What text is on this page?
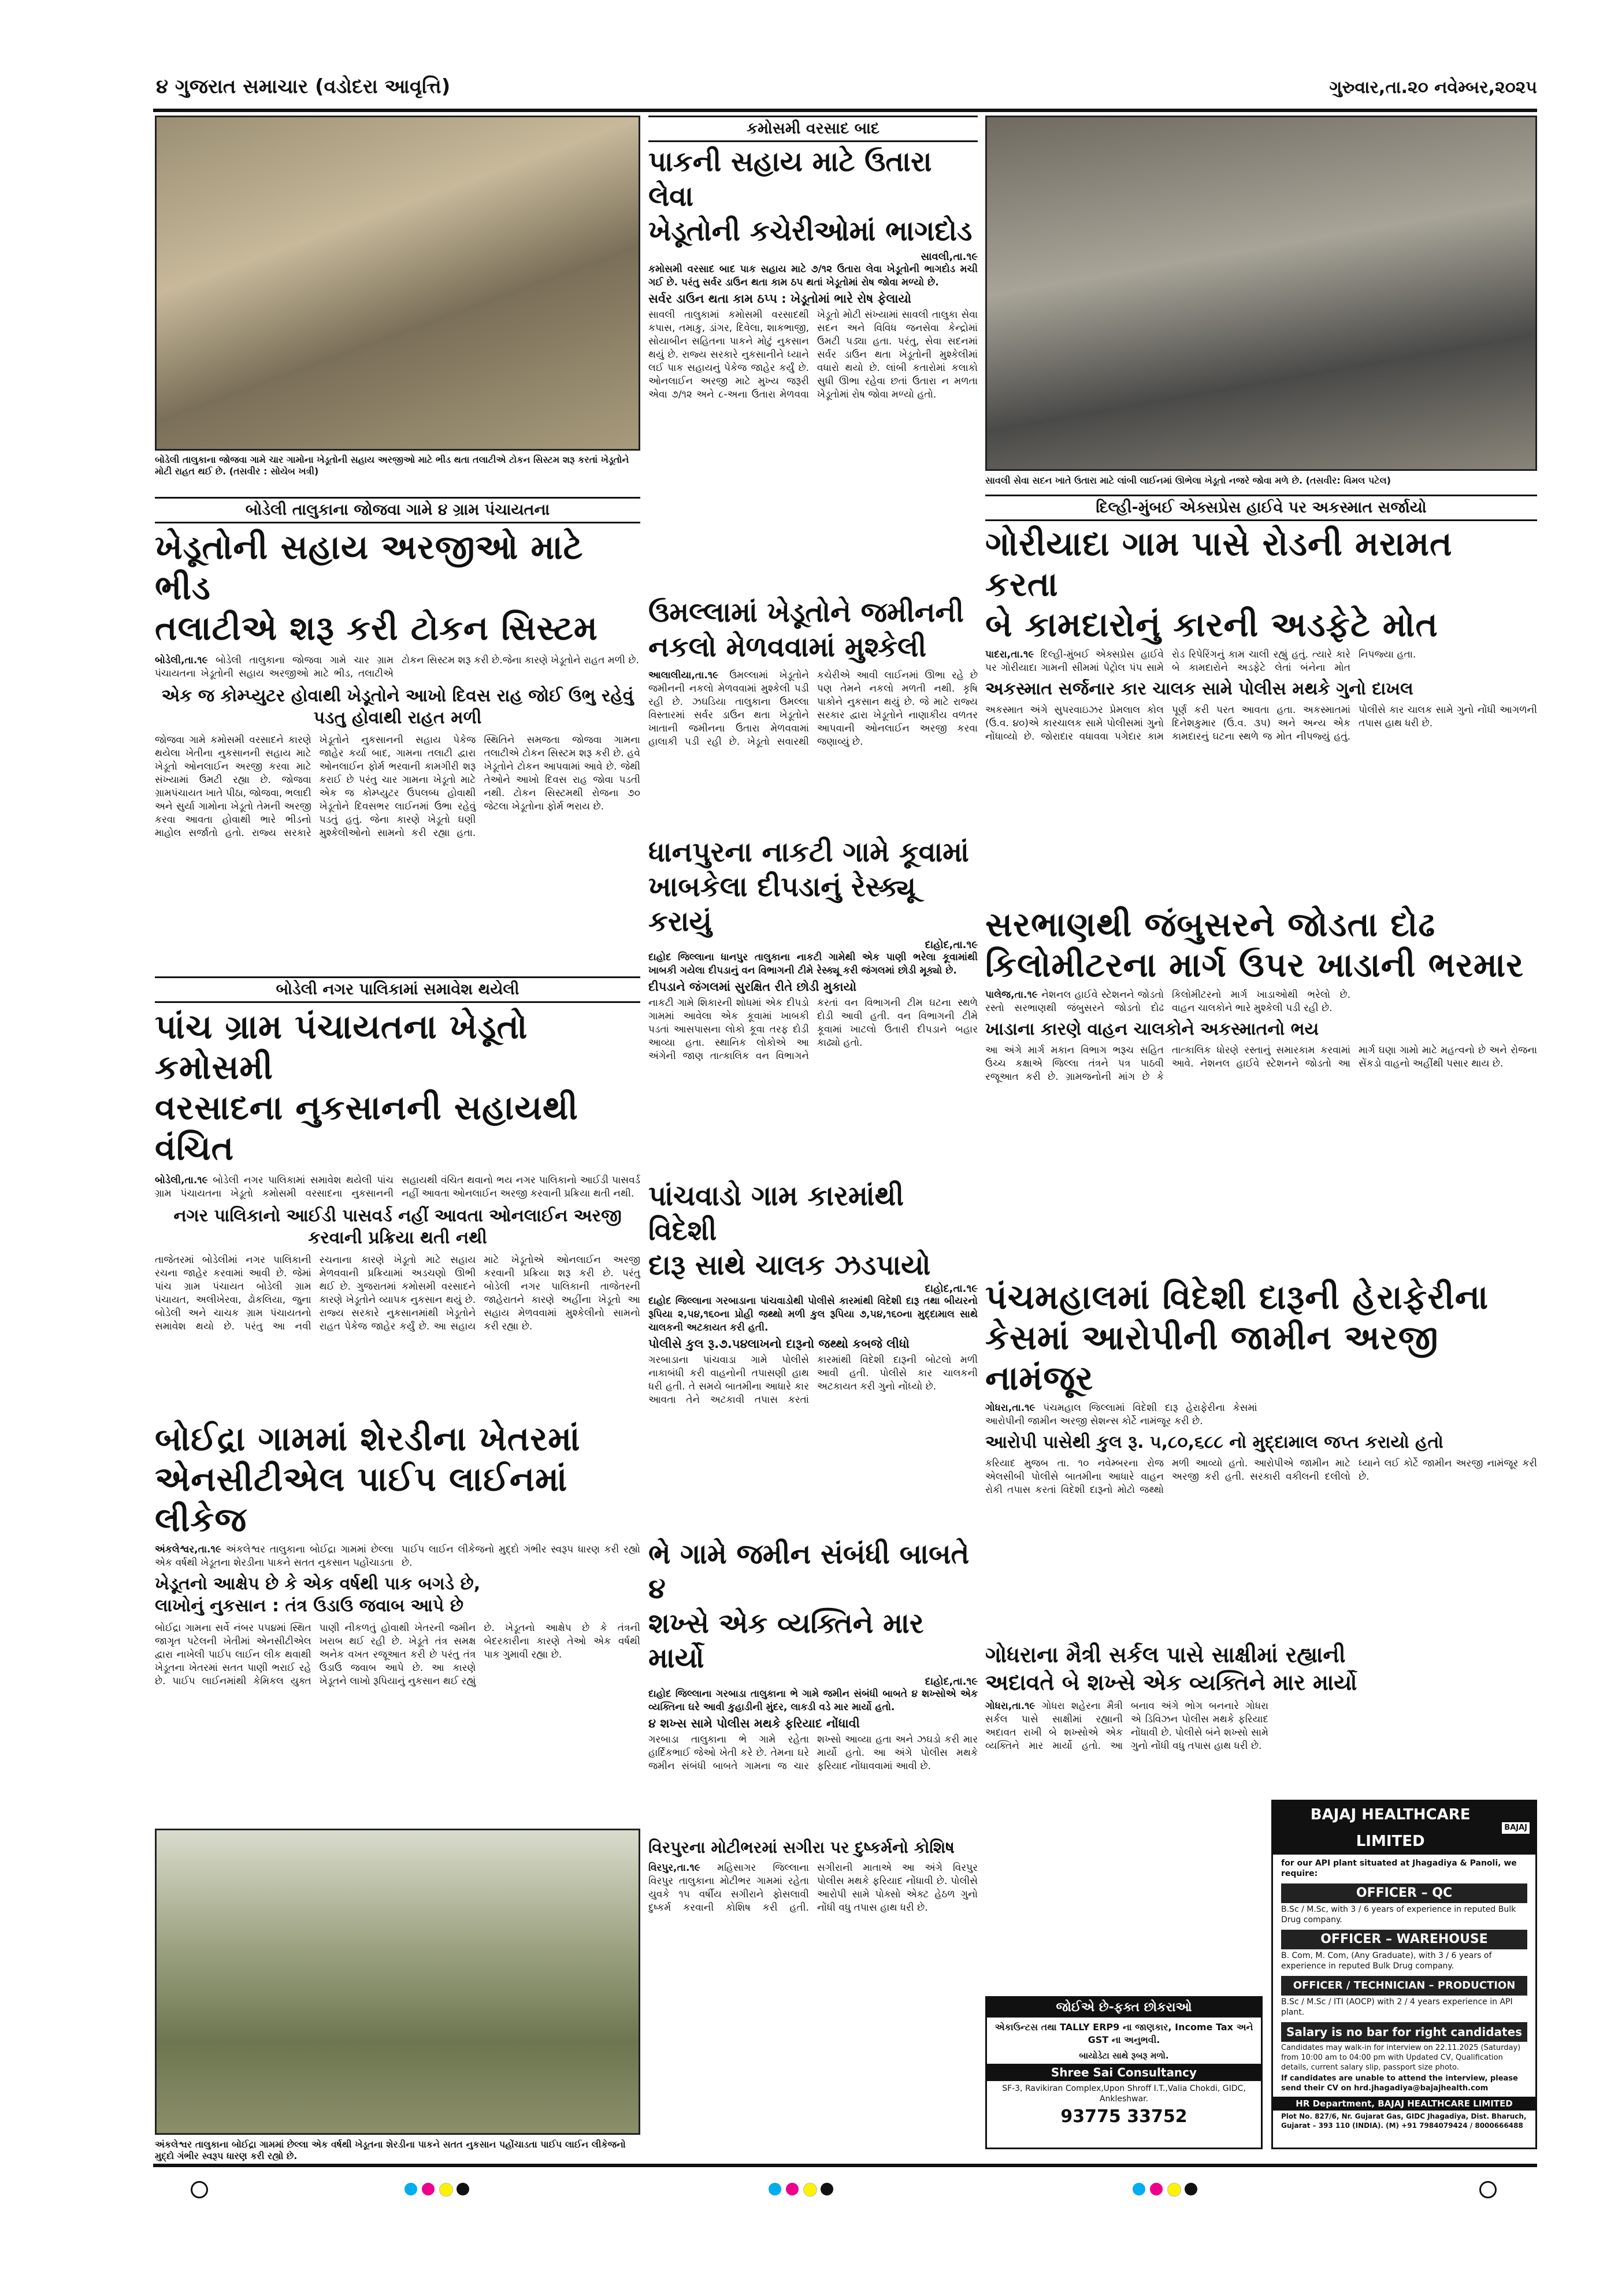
૪ ગુજરાત સમાચાર (વડોદરા આવૃત્તિ)	ગુરુવાર,તા.૨૦ નવેમ્બર,૨૦૨૫
બોડેલી તાલુકાના જોજવા ગામે ચાર ગામોના ખેડૂતોની સહાય અરજીઓ માટે ભીડ થતા તલાટીએ ટોકન સિસ્ટમ શરૂ કરતાં ખેડૂતોને મોટી રાહત થઈ છે. (તસવીર : સોયેબ ખત્રી)
બોડેલી તાલુકાના જોજવા ગામે ૪ ગ્રામ પંચાયતના
ખેડૂતોની સહાય અરજીઓ માટે ભીડ
તલાટીએ શરૂ કરી ટોકન સિસ્ટમ
બોડેલી,તા.૧૯ બોડેલી તાલુકાના જોજવા ગામે ચાર ગ્રામ પંચાયતના ખેડૂતોની સહાય અરજીઓ માટે ભીડ, તલાટીએ ટોકન સિસ્ટમ શરૂ કરી છે.જેના કારણે ખેડૂતોને રાહત મળી છે.
એક જ કોમ્પ્યુટર હોવાથી ખેડૂતોને આખો દિવસ રાહ જોઈ ઉભુ રહેવું પડતુ હોવાથી રાહત મળી
જોજવા ગામે કમોસમી વરસાદને કારણે થયેલા ખેતીના નુકસાનની સહાય માટે ખેડૂતો ઓનલાઈન અરજી કરવા માટે સંખ્યામાં ઉમટી રહ્યા છે. જોજવા ગ્રામપંચાયત ખાતે પીઠા, જોજવા, ભલાદી અને સુર્યા ગામોના ખેડૂતો તેમની અરજી કરવા આવતા હોવાથી ભારે ભીડનો માહોલ સર્જાતો હતો. રાજ્ય સરકારે ખેડૂતોને નુકસાનની સહાય પેકેજ જાહેર કર્યા બાદ, ગામના તલાટી દ્વારા ઓનલાઈન ફોર્મ ભરવાની કામગીરી શરૂ કરાઈ છે પરંતુ ચાર ગામના ખેડૂતો માટે એક જ કોમ્પ્યુટર ઉપલબ્ધ હોવાથી ખેડૂતોને દિવસભર લાઈનમાં ઉભા રહેવું પડતું હતું. જેના કારણે ખેડૂતો ઘણી મુશ્કેલીઓનો સામનો કરી રહ્યા હતા. સ્થિતિને સમજતા જોજવા ગામના તલાટીએ ટોકન સિસ્ટમ શરૂ કરી છે. હવે ખેડૂતોને ટોકન આપવામાં આવે છે. જેથી તેઓને આખો દિવસ રાહ જોવા પડતી નથી. ટોકન સિસ્ટમથી રોજના ૭૦ જેટલા ખેડૂતોના ફોર્મ ભરાય છે.
બોડેલી નગર પાલિકામાં સમાવેશ થયેલી
પાંચ ગ્રામ પંચાયતના ખેડૂતો કમોસમી
વરસાદના નુકસાનની સહાયથી વંચિત
બોડેલી,તા.૧૯ બોડેલી નગર પાલિકામાં સમાવેશ થયેલી પાંચ ગ્રામ પંચાયતના ખેડૂતો કમોસમી વરસાદના નુકસાનની સહાયથી વંચિત થવાનો ભય નગર પાલિકાનો આઈડી પાસવર્ડ નહીં આવતા ઓનલાઈન અરજી કરવાની પ્રક્રિયા થતી નથી.
નગર પાલિકાનો આઈડી પાસવર્ડ નહીં આવતા ઓનલાઈન અરજી કરવાની પ્રક્રિયા થતી નથી
તાજેતરમાં બોડેલીમાં નગર પાલિકાની રચના જાહેર કરવામાં આવી છે. જેમાં પાંચ ગ્રામ પંચાયત બોડેલી ગ્રામ પંચાયત, અલીખેરવા, ઢોકલિયા, જુના બોડેલી અને ચાચક ગ્રામ પંચાયતનો સમાવેશ થયો છે. પરંતુ આ નવી રચનાના કારણે ખેડૂતો માટે સહાય મેળવવાની પ્રક્રિયામાં અડચણો ઊભી થઈ છે. ગુજરાતમાં કમોસમી વરસાદને કારણે ખેડૂતોને વ્યાપક નુકસાન થયું છે. રાજ્ય સરકારે નુકસાનમાંથી ખેડૂતોને રાહત પેકેજ જાહેર કર્યું છે. આ સહાય માટે ખેડૂતોએ ઓનલાઈન અરજી કરવાની પ્રક્રિયા શરૂ કરી છે. પરંતુ બોડેલી નગર પાલિકાની તાજેતરની જાહેરાતને કારણે અહીંના ખેડૂતો આ સહાય મેળવવામાં મુશ્કેલીનો સામનો કરી રહ્યા છે.
બોઈદ્રા ગામમાં શેરડીના ખેતરમાં
એનસીટીએલ પાઈપ લાઈનમાં લીકેજ
અંકલેશ્વર,તા.૧૯ અંકલેશ્વર તાલુકાના બોઈદ્રા ગામમાં છેલ્લા એક વર્ષથી ખેડૂતના શેરડીના પાકને સતત નુકસાન પહોંચાડતા પાઈપ લાઈન લીકેજનો મુદ્દો ગંભીર સ્વરૂપ ધારણ કરી રહ્યો છે.
ખેડૂતનો આક્ષેપ છે કે એક વર્ષથી પાક બગડે છે,
લાખોનું નુકસાન : તંત્ર ઉડાઉ જવાબ આપે છે
બોઈદ્રા ગામના સર્વે નંબર ૫૫૪માં સ્થિત જાગૃત પટેલની ખેતીમાં એનસીટીએલ દ્વારા નાખેલી પાઈપ લાઈન લીક થવાથી ખેડૂતના ખેતરમાં સતત પાણી ભરાઈ રહે છે. પાઈપ લાઈનમાંથી કેમિકલ યુક્ત પાણી નીકળતું હોવાથી ખેતરની જમીન ખરાબ થઈ રહી છે. ખેડૂતે તંત્ર સમક્ષ અનેક વખત રજૂઆત કરી છે પરંતુ તંત્ર ઉડાઉ જવાબ આપે છે. આ કારણે ખેડૂતને લાખો રૂપિયાનું નુકસાન થઈ રહ્યું છે. ખેડૂતનો આક્ષેપ છે કે તંત્રની બેદરકારીના કારણે તેઓ એક વર્ષથી પાક ગુમાવી રહ્યા છે.
અંકલેશ્વર તાલુકાના બોઈદ્રા ગામમાં છેલ્લા એક વર્ષથી ખેડૂતના શેરડીના પાકને સતત નુકસાન પહોંચાડતા પાઈપ લાઈન લીકેજનો મુદ્દો ગંભીર સ્વરૂપ ધારણ કરી રહ્યો છે.
કમોસમી વરસાદ બાદ
પાકની સહાય માટે ઉતારા લેવા
ખેડૂતોની કચેરીઓમાં ભાગદોડ
સાવલી,તા.૧૯
કમોસમી વરસાદ બાદ પાક સહાય માટે ૭/૧૨ ઉતારા લેવા ખેડૂતોની ભાગદોડ મચી ગઈ છે. પરંતુ સર્વર ડાઉન થતા કામ ઠપ થતાં ખેડૂતોમાં રોષ જોવા મળ્યો છે.
સર્વર ડાઉન થતા કામ ઠપ્પ : ખેડૂતોમાં ભારે રોષ ફેલાયો
સાવલી તાલુકામાં કમોસમી વરસાદથી કપાસ, તમાકુ, ડાંગર, દિવેલા, શાકભાજી, સોયાબીન સહિતના પાકને મોટું નુકસાન થયું છે. રાજ્ય સરકારે નુકસાનીને ધ્યાને લઈ પાક સહાયનું પેકેજ જાહેર કર્યું છે. ઓનલાઈન અરજી માટે મુખ્ય જરૂરી એવા ૭/૧૨ અને ૮-અના ઉતારા મેળવવા ખેડૂતો મોટી સંખ્યામાં સાવલી તાલુકા સેવા સદન અને વિવિધ જનસેવા કેન્દ્રોમાં ઉમટી પડ્યા હતા. પરંતુ, સેવા સદનમાં સર્વર ડાઉન થતા ખેડૂતોની મુશ્કેલીમાં વધારો થયો છે. લાંબી કતારોમાં કલાકો સુધી ઊભા રહેવા છતાં ઉતારા ન મળતા ખેડૂતોમાં રોષ જોવા મળ્યો હતો.
ઉમલ્લામાં ખેડૂતોને જમીનની
નકલો મેળવવામાં મુશ્કેલી
આલાલીયા,તા.૧૯ ઉમલ્લામાં ખેડૂતોને જમીનની નકલો મેળવવામાં મુશ્કેલી પડી રહી છે. ઝઘડિયા તાલુકાના ઉમલ્લા વિસ્તારમાં સર્વર ડાઉન થતા ખેડૂતોને ખાતાની જમીનના ઉતારા મેળવવામાં હાલાકી પડી રહી છે. ખેડૂતો સવારથી કચેરીએ આવી લાઈનમાં ઊભા રહે છે પણ તેમને નકલો મળતી નથી. કૃષિ પાકોને નુકસાન થયું છે. જે માટે રાજ્ય સરકાર દ્વારા ખેડૂતોને નાણાકીય વળતર આપવાની ઓનલાઈન અરજી કરવા જણાવ્યું છે.
ધાનપુરના નાકટી ગામે કૂવામાં
ખાબકેલા દીપડાનું રેસ્ક્યૂ કરાયું
દાહોદ,તા.૧૯
દાહોદ જિલ્લાના ધાનપુર તાલુકાના નાકટી ગામેથી એક પાણી ભરેલા કૂવામાંથી ખાબકી ગયેલા દીપડાનું વન વિભાગની ટીમે રેસ્ક્યૂ કરી જંગલમાં છોડી મૂક્યો છે.
દીપડાને જંગલમાં સુરક્ષિત રીતે છોડી મુકાયો
નાકટી ગામે શિકારની શોધમાં એક દીપડો ગામમાં આવેલા એક કૂવામાં ખાબકી પડતાં આસપાસના લોકો કૂવા તરફ દોડી આવ્યા હતા. સ્થાનિક લોકોએ આ અંગેની જાણ તાત્કાલિક વન વિભાગને કરતાં વન વિભાગની ટીમ ઘટના સ્થળે દોડી આવી હતી. વન વિભાગની ટીમે કૂવામાં ખાટલો ઉતારી દીપડાને બહાર કાઢ્યો હતો.
પાંચવાડો ગામ કારમાંથી વિદેશી
દારૂ સાથે ચાલક ઝડપાયો
દાહોદ,તા.૧૯
દાહોદ જિલ્લાના ગરબાડાના પાંચવાડોથી પોલીસે કારમાંથી વિદેશી દારૂ તથા બીયરનો રૂપિયા ૨,૫૪,૧૬૦ના પ્રોહી જથ્થો મળી કુલ રૂપિયા ૭,૫૪,૧૬૦ના મુદ્દામાલ સાથે ચાલકની અટકાયત કરી હતી.
પોલીસે કુલ રૂ.૭.૫૪લાખનો દારૂનો જથ્થો કબજે લીધો
ગરબાડાના પાંચવાડા ગામે પોલીસે નાકાબંધી કરી વાહનોની તપાસણી હાથ ધરી હતી. તે સમયે બાતમીના આધારે કાર આવતા તેને અટકાવી તપાસ કરતાં કારમાંથી વિદેશી દારૂની બોટલો મળી આવી હતી. પોલીસે કાર ચાલકની અટકાયત કરી ગુનો નોંધ્યો છે.
ભે ગામે જમીન સંબંધી બાબતે ૪
શખ્સે એક વ્યક્તિને માર માર્યો
દાહોદ,તા.૧૯
દાહોદ જિલ્લાના ગરબાડા તાલુકાના ભે ગામે જમીન સંબંધી બાબતે ૪ શખ્સોએ એક વ્યક્તિના ઘરે આવી કુહાડીની મુંદર, લાકડી વડે માર માર્યો હતો.
૪ શખ્સ સામે પોલીસ મથકે ફરિયાદ નોંધાવી
ગરબાડા તાલુકાના ભે ગામે રહેતા હાર્દિકભાઈ જેઓ ખેતી કરે છે. તેમના ઘરે જમીન સંબંધી બાબતે ગામના જ ચાર શખ્સો આવ્યા હતા અને ઝઘડો કરી માર માર્યો હતો. આ અંગે પોલીસ મથકે ફરિયાદ નોંધાવવામાં આવી છે.
વિરપુરના મોટીભરમાં સગીરા પર દુષ્કર્મનો કોશિષ
વિરપુર,તા.૧૯ મહિસાગર જિલ્લાના વિરપુર તાલુકાના મોટીભર ગામમાં રહેતા યુવકે ૧૫ વર્ષીય સગીરાને ફોસલાવી દુષ્કર્મ કરવાની કોશિષ કરી હતી. સગીરાની માતાએ આ અંગે વિરપુર પોલીસ મથકે ફરિયાદ નોંધાવી છે. પોલીસે આરોપી સામે પોક્સો એક્ટ હેઠળ ગુનો નોંધી વધુ તપાસ હાથ ધરી છે.
સાવલી સેવા સદન ખાતે ઉતારા માટે લાંબી લાઈનમાં ઊભેલા ખેડૂતો નજરે જોવા મળે છે. (તસવીર: વિમલ પટેલ)
દિલ્હી-મુંબઈ એક્સપ્રેસ હાઈવે પર અકસ્માત સર્જાયો
ગોરીયાદા ગામ પાસે રોડની મરામત કરતા
બે કામદારોનું કારની અડફેટે મોત
પાદરા,તા.૧૯ દિલ્હી-મુંબઈ એક્સપ્રેસ હાઈવે પર ગોરીયાદા ગામની સીમમાં પેટ્રોલ પંપ સામે રોડ રિપેરિંગનું કામ ચાલી રહ્યું હતું. ત્યારે કારે બે કામદારોને અડફેટે લેતાં બંનેના મોત નિપજ્યા હતા.
અકસ્માત સર્જનાર કાર ચાલક સામે પોલીસ મથકે ગુનો દાખલ
અકસ્માત અંગે સુપરવાઇઝર પ્રેમલાલ કોલ (ઉ.વ. ૪૦)એ કારચાલક સામે પોલીસમાં ગુનો નોંધાવ્યો છે. જોરાદાર વધાવવા પગેદાર કામ પૂર્ણ કરી પરત આવતા હતા. અકસ્માતમાં દિનેશકુમાર (ઉ.વ. ૩૫) અને અન્ય એક કામદારનું ઘટના સ્થળે જ મોત નીપજ્યું હતું. પોલીસે કાર ચાલક સામે ગુનો નોંધી આગળની તપાસ હાથ ધરી છે.
સરભાણથી જંબુસરને જોડતા દોઢ
કિલોમીટરના માર્ગ ઉપર ખાડાની ભરમાર
પાલેજ,તા.૧૯ નેશનલ હાઈવે સ્ટેશનને જોડતો રસ્તો સરભાણથી જંબુસરને જોડતો દોઢ કિલોમીટરનો માર્ગ ખાડાઓથી ભરેલો છે. વાહન ચાલકોને ભારે મુશ્કેલી પડી રહી છે.
ખાડાના કારણે વાહન ચાલકોને અકસ્માતનો ભય
આ અંગે માર્ગ મકાન વિભાગ ભરૂચ સહિત ઉચ્ચ કક્ષાએ જિલ્લા તંત્રને પત્ર પાઠવી રજૂઆત કરી છે. ગ્રામજનોની માંગ છે કે તાત્કાલિક ધોરણે રસ્તાનું સમારકામ કરવામાં આવે. નેશનલ હાઈવે સ્ટેશનને જોડતો આ માર્ગ ઘણા ગામો માટે મહત્વનો છે અને રોજના સેંકડો વાહનો અહીંથી પસાર થાય છે.
પંચમહાલમાં વિદેશી દારૂની હેરાફેરીના
કેસમાં આરોપીની જામીન અરજી નામંજૂર
ગોધરા,તા.૧૯ પંચમહાલ જિલ્લામાં વિદેશી દારૂ હેરાફેરીના કેસમાં આરોપીની જામીન અરજી સેશન્સ કોર્ટે નામંજૂર કરી છે.
આરોપી પાસેથી કુલ રૂ. ૫,૮૦,૬૮૮ નો મુદ્દામાલ જપ્ત કરાયો હતો
કરિયાદ મુજબ તા. ૧૦ નવેમ્બરના રોજ એલસીબી પોલીસે બાતમીના આધારે વાહન રોકી તપાસ કરતાં વિદેશી દારૂનો મોટો જથ્થો મળી આવ્યો હતો. આરોપીએ જામીન માટે અરજી કરી હતી. સરકારી વકીલની દલીલો ધ્યાને લઈ કોર્ટે જામીન અરજી નામંજૂર કરી છે.
ગોધરાના મૈત્રી સર્કલ પાસે સાક્ષીમાં રહ્યાની
અદાવતે બે શખ્સે એક વ્યક્તિને માર માર્યો
ગોધરા,તા.૧૯ ગોધરા શહેરના મૈત્રી સર્કલ પાસે સાક્ષીમાં રહ્યાની અદાવત રાખી બે શખ્સોએ એક વ્યક્તિને માર માર્યો હતો. આ બનાવ અંગે ભોગ બનનારે ગોધરા એ ડિવિઝન પોલીસ મથકે ફરિયાદ નોંધાવી છે. પોલીસે બંને શખ્સો સામે ગુનો નોંધી વધુ તપાસ હાથ ધરી છે.
જોઈએ છે-ફક્ત છોકરાઓ
એકાઉન્ટસ તથા TALLY ERP9 ના જાણકાર, Income Tax અને GST ના અનુભવી.
બાયોડેટા સાથે રૂબરૂ મળો.
Shree Sai Consultancy
SF-3, Ravikiran Complex,Upon Shroff I.T.,Valia Chokdi, GIDC, Ankleshwar.
93775 33752
BAJAJ HEALTHCARE LIMITED
BAJAJ
for our API plant situated at Jhagadiya & Panoli, we require:
OFFICER – QC
B.Sc / M.Sc, with 3 / 6 years of experience in reputed Bulk Drug company.
OFFICER – WAREHOUSE
B. Com, M. Com, (Any Graduate), with 3 / 6 years of experience in reputed Bulk Drug company.
OFFICER / TECHNICIAN – PRODUCTION
B.Sc / M.Sc / ITI (AOCP) with 2 / 4 years experience in API plant.
Salary is no bar for right candidates
Candidates may walk-in for interview on 22.11.2025 (Saturday) from 10:00 am to 04:00 pm with Updated CV, Qualification details, current salary slip, passport size photo.
If candidates are unable to attend the interview, please send their CV on hrd.jhagadiya@bajajhealth.com
HR Department, BAJAJ HEALTHCARE LIMITED
Plot No. 827/6, Nr. Gujarat Gas, GIDC Jhagadiya, Dist. Bharuch, Gujarat – 393 110 (INDIA). (M) +91 7984079424 / 8000666488
